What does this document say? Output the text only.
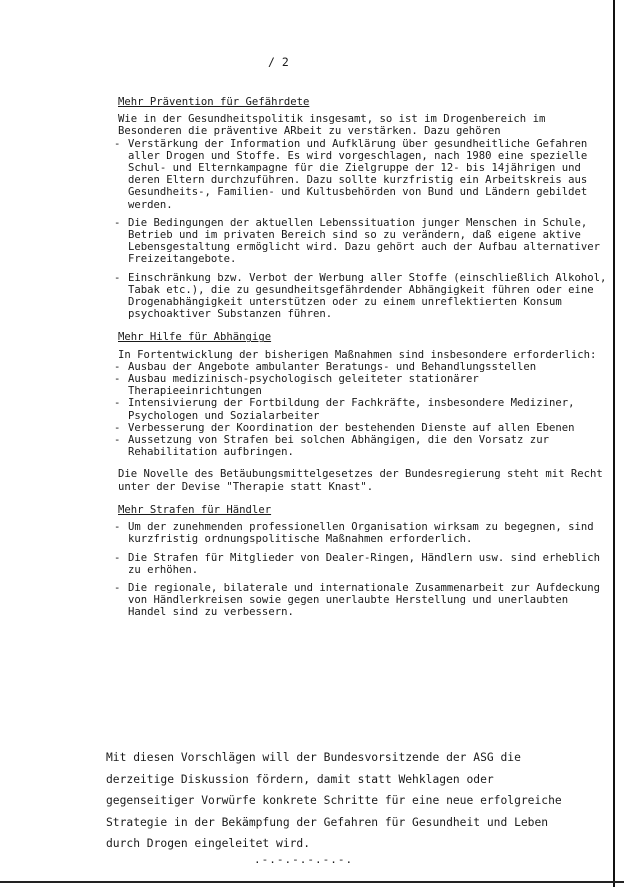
/ 2
Mehr Prävention für Gefährdete

Wie in der Gesundheitspolitik insgesamt, so ist im Drogenbereich im Besonderen die präventive ARbeit zu verstärken. Dazu gehören

- Verstärkung der Information und Aufklärung über gesundheitliche Gefahren aller Drogen und Stoffe. Es wird vorgeschlagen, nach 1980 eine spezielle Schul- und Elternkampagne für die Zielgruppe der 12- bis 14jährigen und deren Eltern durchzuführen. Dazu sollte kurzfristig ein Arbeitskreis aus Gesundheits-, Familien- und Kultusbehörden von Bund und Ländern gebildet werden.
- Die Bedingungen der aktuellen Lebenssituation junger Menschen in Schule, Betrieb und im privaten Bereich sind so zu verändern, daß eigene aktive Lebensgestaltung ermöglicht wird. Dazu gehört auch der Aufbau alternativer Freizeitangebote.
- Einschränkung bzw. Verbot der Werbung aller Stoffe (einschließlich Alkohol, Tabak etc.), die zu gesundheitsgefährdender Abhängigkeit führen oder eine Drogenabhängigkeit unterstützen oder zu einem unreflektierten Konsum psychoaktiver Substanzen führen.
Mehr Hilfe für Abhängige

In Fortentwicklung der bisherigen Maßnahmen sind insbesondere erforderlich:

- Ausbau der Angebote ambulanter Beratungs- und Behandlungsstellen
- Ausbau medizinisch-psychologisch geleiteter stationärer Therapieeinrichtungen
- Intensivierung der Fortbildung der Fachkräfte, insbesondere Mediziner, Psychologen und Sozialarbeiter
- Verbesserung der Koordination der bestehenden Dienste auf allen Ebenen
- Aussetzung von Strafen bei solchen Abhängigen, die den Vorsatz zur Rehabilitation aufbringen.

Die Novelle des Betäubungsmittelgesetzes der Bundesregierung steht mit Recht unter der Devise "Therapie statt Knast".

Mehr Strafen für Händler
- Um der zunehmenden professionellen Organisation wirksam zu begegnen, sind kurzfristig ordnungspolitische Maßnahmen erforderlich.
- Die Strafen für Mitglieder von Dealer-Ringen, Händlern usw. sind erheblich zu erhöhen.
- Die regionale, bilaterale und internationale Zusammenarbeit zur Aufdeckung von Händlerkreisen sowie gegen unerlaubte Herstellung und unerlaubten Handel sind zu verbessern.

Mit diesen Vorschlägen will der Bundesvorsitzende der ASG die derzeitige Diskussion fördern, damit statt Wehklagen oder gegenseitiger Vorwürfe konkrete Schritte für eine neue erfolgreiche Strategie in der Bekämpfung der Gefahren für Gesundheit und Leben durch Drogen eingeleitet wird.

.-.-.-.-.-.-.
